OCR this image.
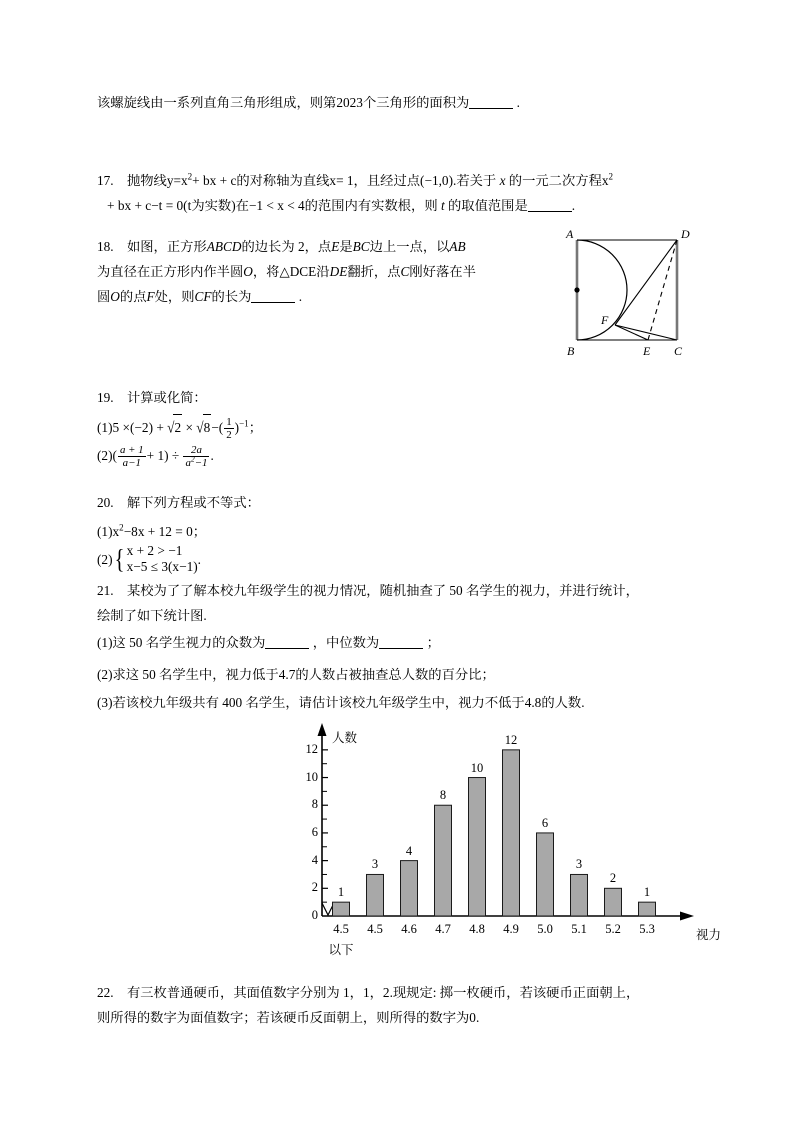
该螺旋线由一系列直角三角形组成，则第2023个三角形的面积为	.
17. 抛物线$y=x^2+$ bx + c的对称轴为直线x= 1，且经过点(−1,0).若关于 x 的一元二次方程$x^2$
+ bx + c−t = 0(t为实数)在−1 < x < 4的范围内有实数根，则 t 的取值范围是	.
18. 如图，正方形ABCD的边长为 2，点E是BC边上一点，以AB
为直径在正方形内作半圆O，将△DCE沿DE翻折，点C刚好落在半
圆O的点F处，则CF的长为	.
A	D
B	C
E
F
19. 计算或化简：
$(1)5 \times(-2) + √2 \times √8-( \frac{1}{2} )^{-1}$；
$(2)( \frac{a + 1}{a-1} + 1) \div \frac{2a}{a^2-1}$ .
20. 解下列方程或不等式：
$(1)x^2-8x + 12 = 0$；
(2) { x + 2 > −1
x−5 ≤ 3(x−1) .
21. 某校为了了解本校九年级学生的视力情况，随机抽查了 50 名学生的视力，并进行统计，
绘制了如下统计图.
(1)这 50 名学生视力的众数为	，中位数为	；
(2)求这 50 名学生中，视力低于4.7的人数占被抽查总人数的百分比；
(3)若该校九年级共有 400 名学生，请估计该校九年级学生中，视力不低于4.8的人数.
2
4
6
8
10
12
0
人数
视力
1
4.5
以下
3
4.5
4
4.6
8
4.7
10
4.8
12
4.9
6
5.0
3
5.1
2
5.2
1
5.3
22. 有三枚普通硬币，其面值数字分别为 1，1，2.现规定: 掷一枚硬币，若该硬币正面朝上，
则所得的数字为面值数字；若该硬币反面朝上，则所得的数字为0.
